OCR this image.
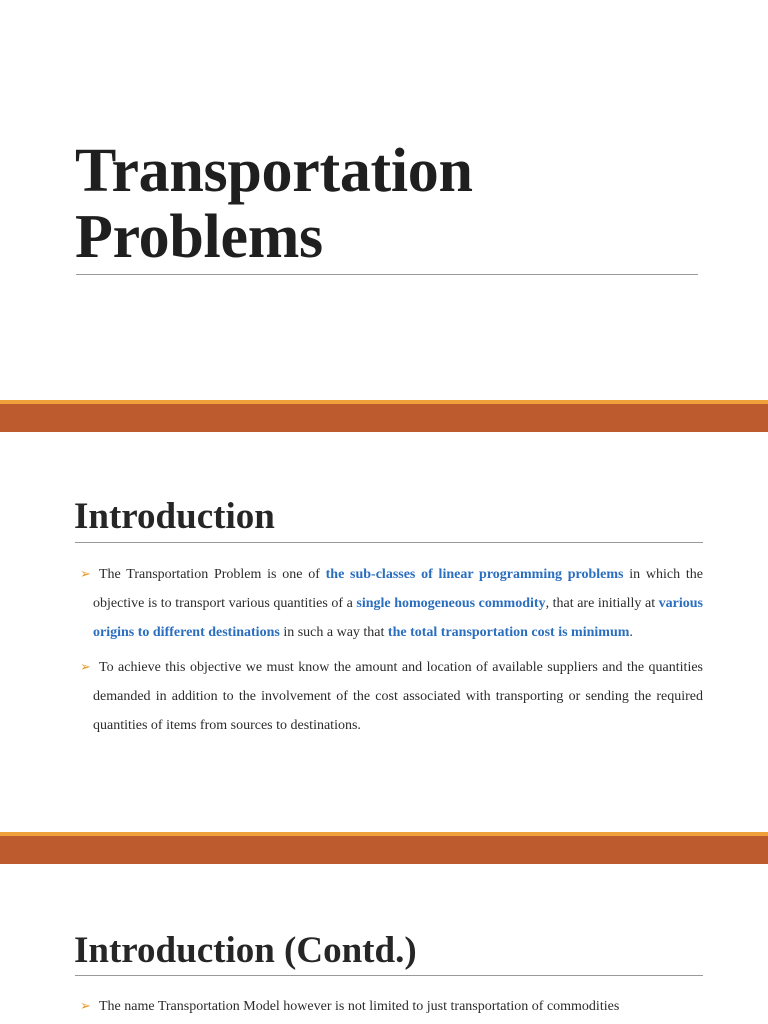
Transportation
Problems
Introduction
➢ The Transportation Problem is one of the sub-classes of linear programming problems in which the objective is to transport various quantities of a single homogeneous commodity, that are initially at various origins to different destinations in such a way that the total transportation cost is minimum.
➢ To achieve this objective we must know the amount and location of available suppliers and the quantities demanded in addition to the involvement of the cost associated with transporting or sending the required quantities of items from sources to destinations.
Introduction (Contd.)
➢ The name Transportation Model however is not limited to just transportation of commodities
